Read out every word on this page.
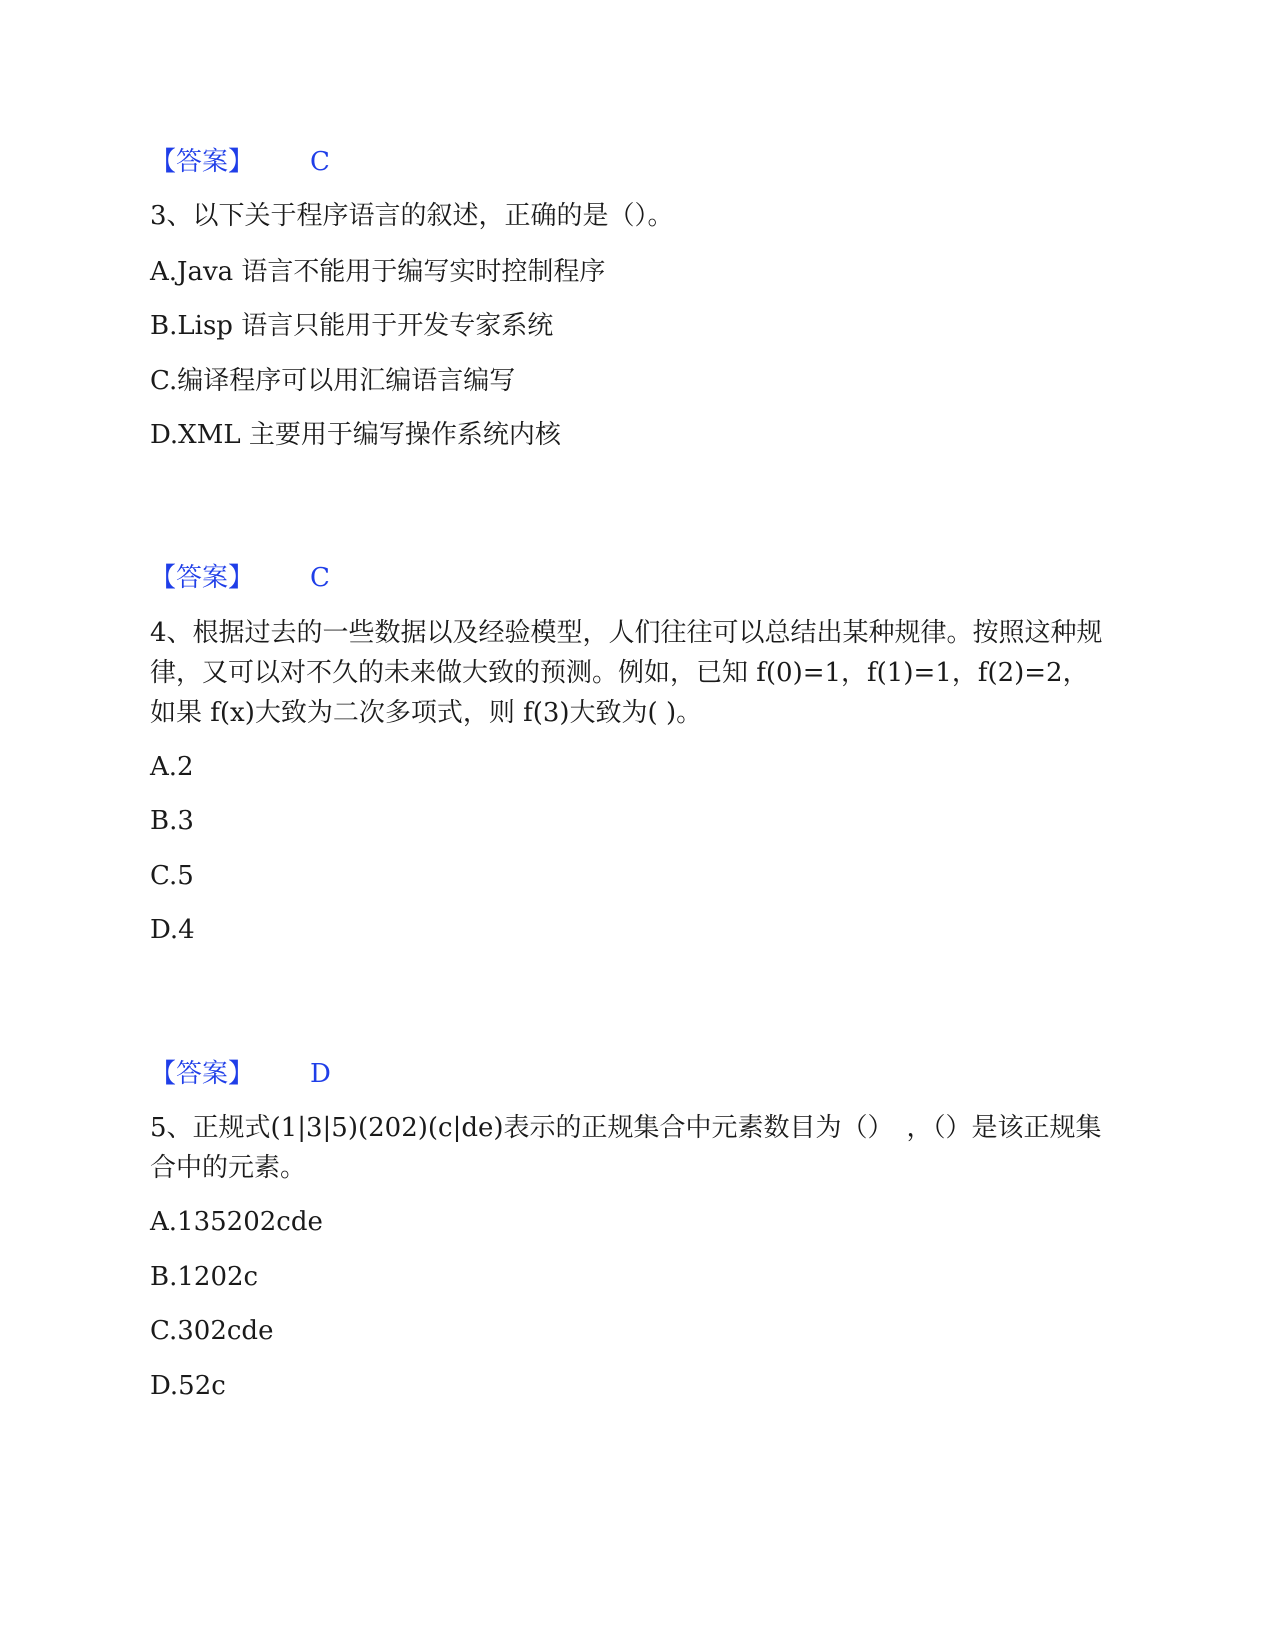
【答案】 C
3、以下关于程序语言的叙述，正确的是（）。
A.Java 语言不能用于编写实时控制程序
B.Lisp 语言只能用于开发专家系统
C.编译程序可以用汇编语言编写
D.XML 主要用于编写操作系统内核
【答案】 C
4、根据过去的一些数据以及经验模型，人们往往可以总结出某种规律。按照这种规律，又可以对不久的未来做大致的预测。例如，已知 f(0)=1，f(1)=1，f(2)=2，如果 f(x)大致为二次多项式，则 f(3)大致为( )。
A.2
B.3
C.5
D.4
【答案】 D
5、正规式(1|3|5)(202)(c|de)表示的正规集合中元素数目为（）　，（）是该正规集合中的元素。
A.135202cde
B.1202c
C.302cde
D.52c
